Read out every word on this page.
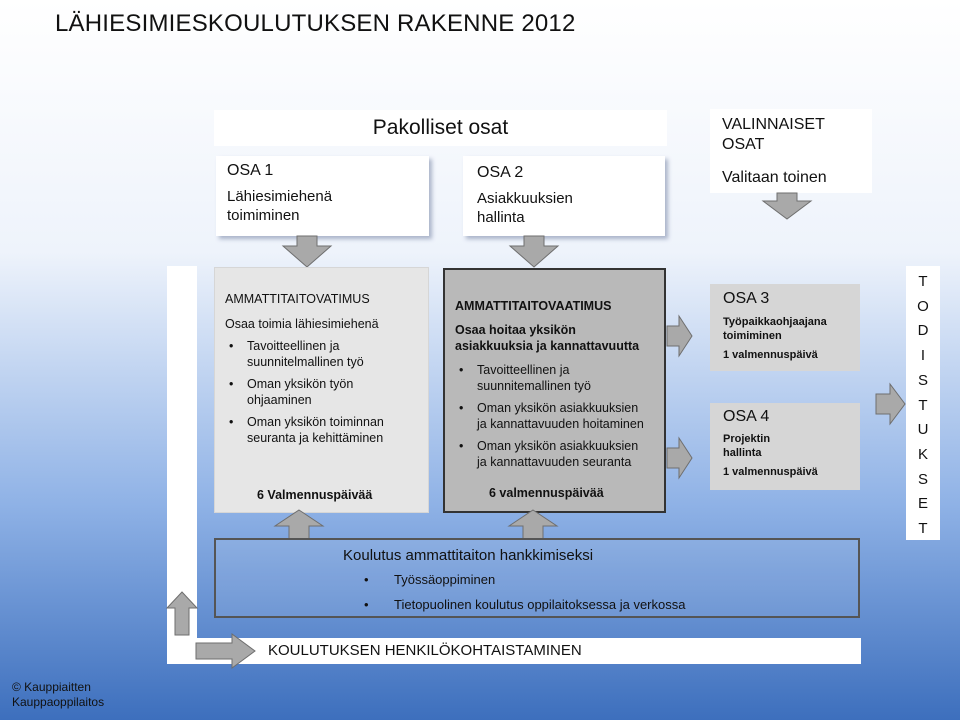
LÄHIESIMIESKOULUTUKSEN RAKENNE 2012
Pakolliset osat	VALINNAISET
OSAT
Valitaan toinen
OSA 1
Lähiesimiehenä
toimiminen
OSA 2
Asiakkuuksien
hallinta
AMMATTITAITOVATIMUS
Osaa toimia lähiesimiehenä
• Tavoitteellinen ja
suunnitelmallinen työ
• Oman yksikön työn
ohjaaminen
• Oman yksikön toiminnan
seuranta ja kehittäminen
6 Valmennuspäivää
AMMATTITAITOVAATIMUS
Osaa hoitaa yksikön
asiakkuuksia ja kannattavuutta
• Tavoitteellinen ja
suunnitemallinen työ
• Oman yksikön asiakkuuksien
ja kannattavuuden hoitaminen
• Oman yksikön asiakkuuksien
ja kannattavuuden seuranta
6 valmennuspäivää
OSA 3
Työpaikkaohjaajana
toimiminen
1 valmennuspäivä
OSA 4
Projektin
hallinta
1 valmennuspäivä
T
O
D
I
S
T
U
K
S
E
T
Koulutus ammattitaiton hankkimiseksi
• Työssäoppiminen
• Tietopuolinen koulutus oppilaitoksessa ja verkossa
KOULUTUKSEN HENKILÖKOHTAISTAMINEN
© Kauppiaitten
Kauppaoppilaitos
